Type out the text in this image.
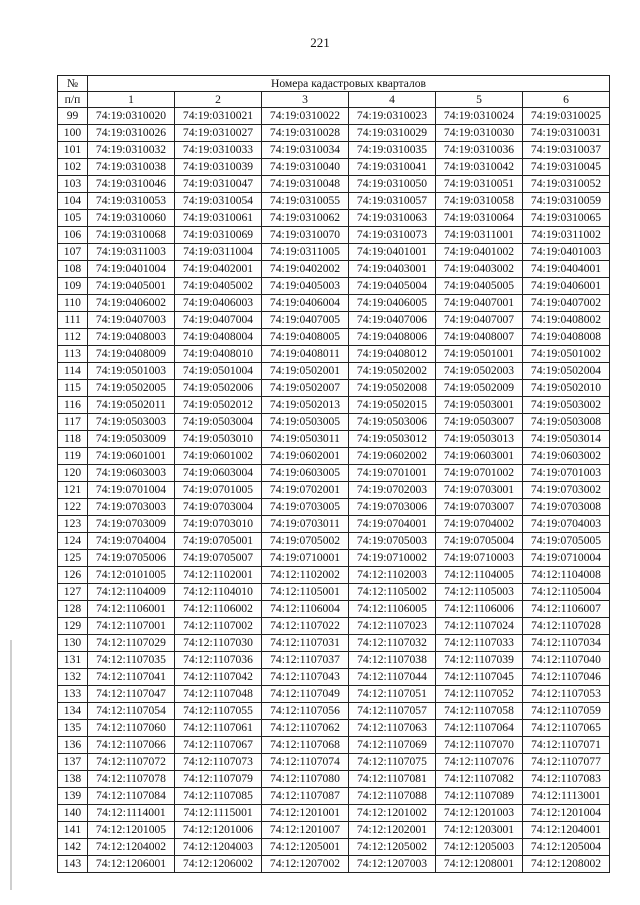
221
№	Номера кадастровых кварталов					
п/п	1	2	3	4	5	6
99	74:19:0310020	74:19:0310021	74:19:0310022	74:19:0310023	74:19:0310024	74:19:0310025
100	74:19:0310026	74:19:0310027	74:19:0310028	74:19:0310029	74:19:0310030	74:19:0310031
101	74:19:0310032	74:19:0310033	74:19:0310034	74:19:0310035	74:19:0310036	74:19:0310037
102	74:19:0310038	74:19:0310039	74:19:0310040	74:19:0310041	74:19:0310042	74:19:0310045
103	74:19:0310046	74:19:0310047	74:19:0310048	74:19:0310050	74:19:0310051	74:19:0310052
104	74:19:0310053	74:19:0310054	74:19:0310055	74:19:0310057	74:19:0310058	74:19:0310059
105	74:19:0310060	74:19:0310061	74:19:0310062	74:19:0310063	74:19:0310064	74:19:0310065
106	74:19:0310068	74:19:0310069	74:19:0310070	74:19:0310073	74:19:0311001	74:19:0311002
107	74:19:0311003	74:19:0311004	74:19:0311005	74:19:0401001	74:19:0401002	74:19:0401003
108	74:19:0401004	74:19:0402001	74:19:0402002	74:19:0403001	74:19:0403002	74:19:0404001
109	74:19:0405001	74:19:0405002	74:19:0405003	74:19:0405004	74:19:0405005	74:19:0406001
110	74:19:0406002	74:19:0406003	74:19:0406004	74:19:0406005	74:19:0407001	74:19:0407002
111	74:19:0407003	74:19:0407004	74:19:0407005	74:19:0407006	74:19:0407007	74:19:0408002
112	74:19:0408003	74:19:0408004	74:19:0408005	74:19:0408006	74:19:0408007	74:19:0408008
113	74:19:0408009	74:19:0408010	74:19:0408011	74:19:0408012	74:19:0501001	74:19:0501002
114	74:19:0501003	74:19:0501004	74:19:0502001	74:19:0502002	74:19:0502003	74:19:0502004
115	74:19:0502005	74:19:0502006	74:19:0502007	74:19:0502008	74:19:0502009	74:19:0502010
116	74:19:0502011	74:19:0502012	74:19:0502013	74:19:0502015	74:19:0503001	74:19:0503002
117	74:19:0503003	74:19:0503004	74:19:0503005	74:19:0503006	74:19:0503007	74:19:0503008
118	74:19:0503009	74:19:0503010	74:19:0503011	74:19:0503012	74:19:0503013	74:19:0503014
119	74:19:0601001	74:19:0601002	74:19:0602001	74:19:0602002	74:19:0603001	74:19:0603002
120	74:19:0603003	74:19:0603004	74:19:0603005	74:19:0701001	74:19:0701002	74:19:0701003
121	74:19:0701004	74:19:0701005	74:19:0702001	74:19:0702003	74:19:0703001	74:19:0703002
122	74:19:0703003	74:19:0703004	74:19:0703005	74:19:0703006	74:19:0703007	74:19:0703008
123	74:19:0703009	74:19:0703010	74:19:0703011	74:19:0704001	74:19:0704002	74:19:0704003
124	74:19:0704004	74:19:0705001	74:19:0705002	74:19:0705003	74:19:0705004	74:19:0705005
125	74:19:0705006	74:19:0705007	74:19:0710001	74:19:0710002	74:19:0710003	74:19:0710004
126	74:12:0101005	74:12:1102001	74:12:1102002	74:12:1102003	74:12:1104005	74:12:1104008
127	74:12:1104009	74:12:1104010	74:12:1105001	74:12:1105002	74:12:1105003	74:12:1105004
128	74:12:1106001	74:12:1106002	74:12:1106004	74:12:1106005	74:12:1106006	74:12:1106007
129	74:12:1107001	74:12:1107002	74:12:1107022	74:12:1107023	74:12:1107024	74:12:1107028
130	74:12:1107029	74:12:1107030	74:12:1107031	74:12:1107032	74:12:1107033	74:12:1107034
131	74:12:1107035	74:12:1107036	74:12:1107037	74:12:1107038	74:12:1107039	74:12:1107040
132	74:12:1107041	74:12:1107042	74:12:1107043	74:12:1107044	74:12:1107045	74:12:1107046
133	74:12:1107047	74:12:1107048	74:12:1107049	74:12:1107051	74:12:1107052	74:12:1107053
134	74:12:1107054	74:12:1107055	74:12:1107056	74:12:1107057	74:12:1107058	74:12:1107059
135	74:12:1107060	74:12:1107061	74:12:1107062	74:12:1107063	74:12:1107064	74:12:1107065
136	74:12:1107066	74:12:1107067	74:12:1107068	74:12:1107069	74:12:1107070	74:12:1107071
137	74:12:1107072	74:12:1107073	74:12:1107074	74:12:1107075	74:12:1107076	74:12:1107077
138	74:12:1107078	74:12:1107079	74:12:1107080	74:12:1107081	74:12:1107082	74:12:1107083
139	74:12:1107084	74:12:1107085	74:12:1107087	74:12:1107088	74:12:1107089	74:12:1113001
140	74:12:1114001	74:12:1115001	74:12:1201001	74:12:1201002	74:12:1201003	74:12:1201004
141	74:12:1201005	74:12:1201006	74:12:1201007	74:12:1202001	74:12:1203001	74:12:1204001
142	74:12:1204002	74:12:1204003	74:12:1205001	74:12:1205002	74:12:1205003	74:12:1205004
143	74:12:1206001	74:12:1206002	74:12:1207002	74:12:1207003	74:12:1208001	74:12:1208002
